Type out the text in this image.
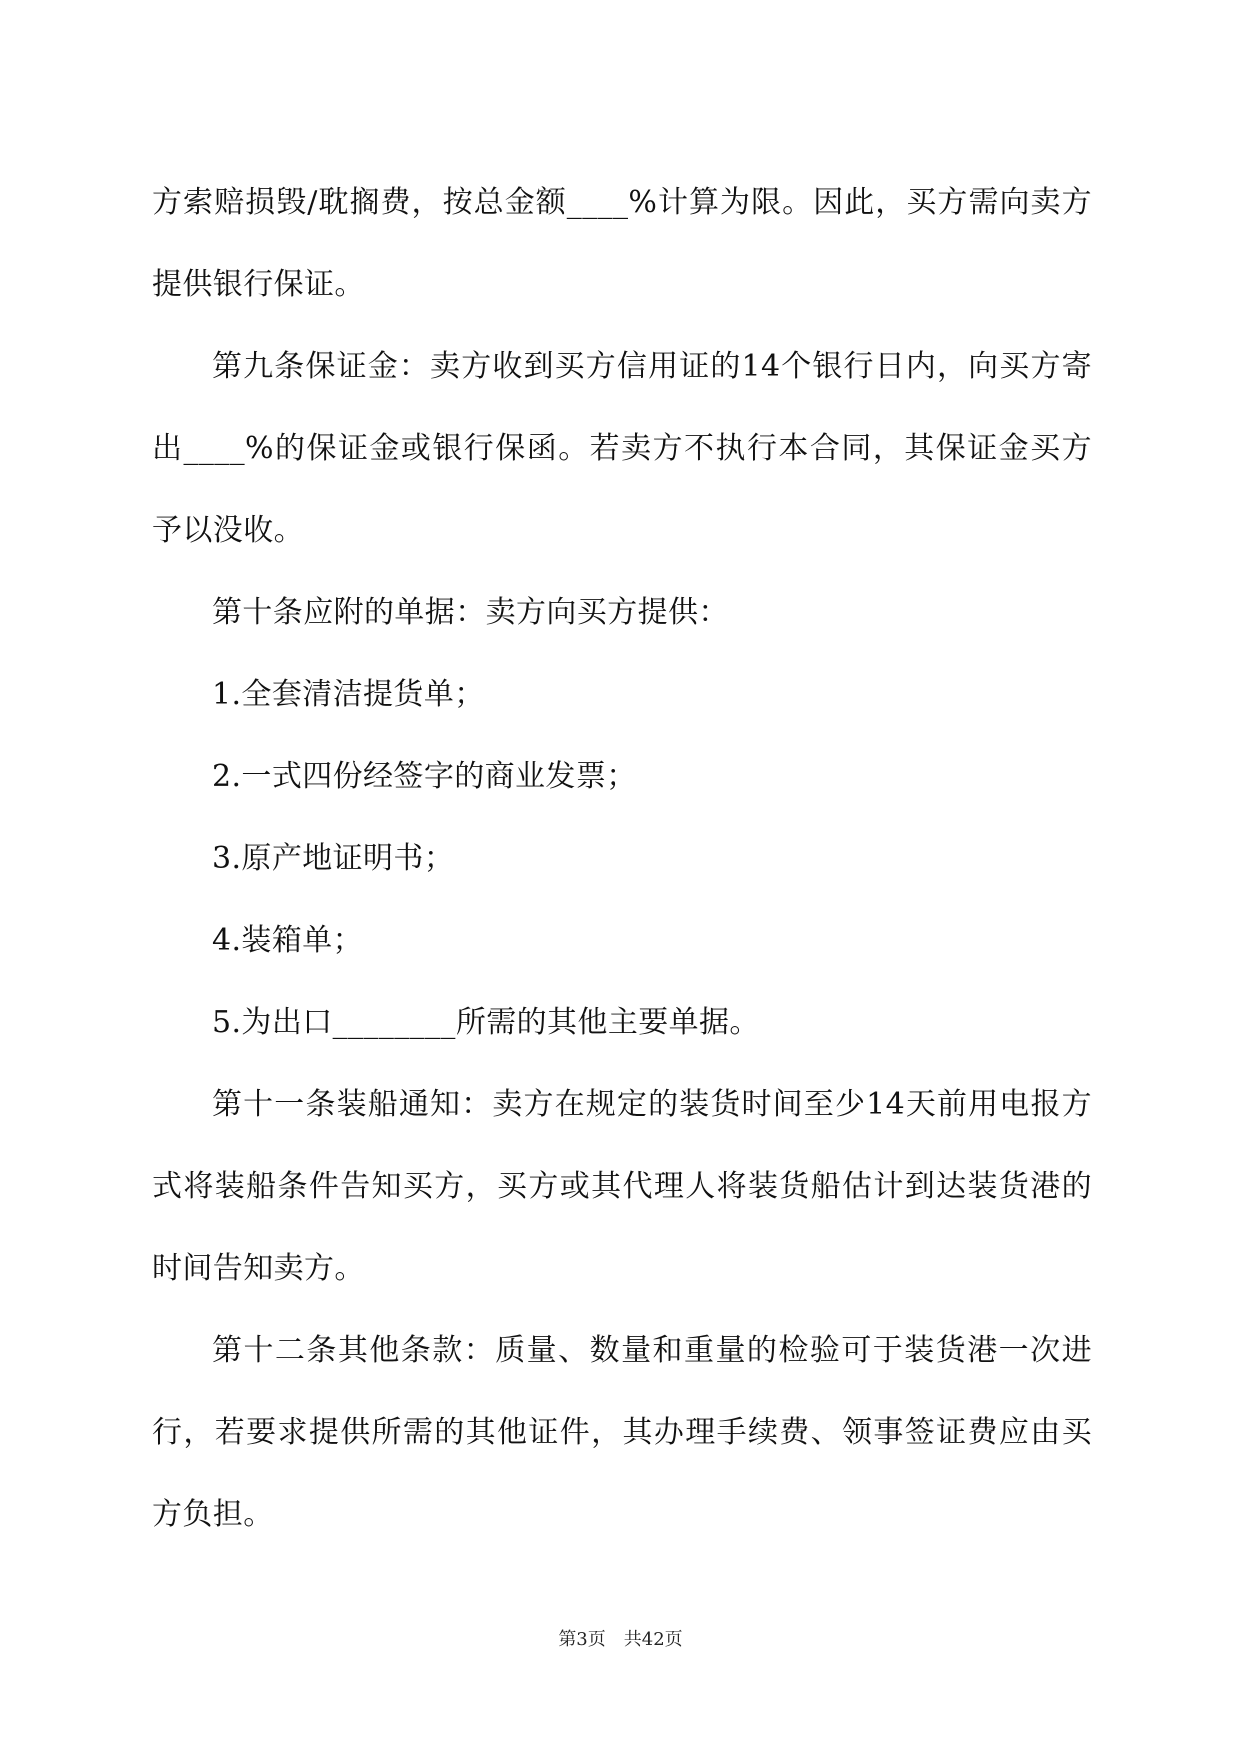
方索赔损毁/耽搁费，按总金额____%计算为限。因此，买方需向卖方提供银行保证。

第九条保证金：卖方收到买方信用证的14个银行日内，向买方寄出____%的保证金或银行保函。若卖方不执行本合同，其保证金买方予以没收。

第十条应附的单据：卖方向买方提供：

1.全套清洁提货单；

2.一式四份经签字的商业发票；

3.原产地证明书；

4.装箱单；

5.为出口________所需的其他主要单据。

第十一条装船通知：卖方在规定的装货时间至少14天前用电报方式将装船条件告知买方，买方或其代理人将装货船估计到达装货港的时间告知卖方。

第十二条其他条款：质量、数量和重量的检验可于装货港一次进行，若要求提供所需的其他证件，其办理手续费、领事签证费应由买方负担。

第3页　共42页
